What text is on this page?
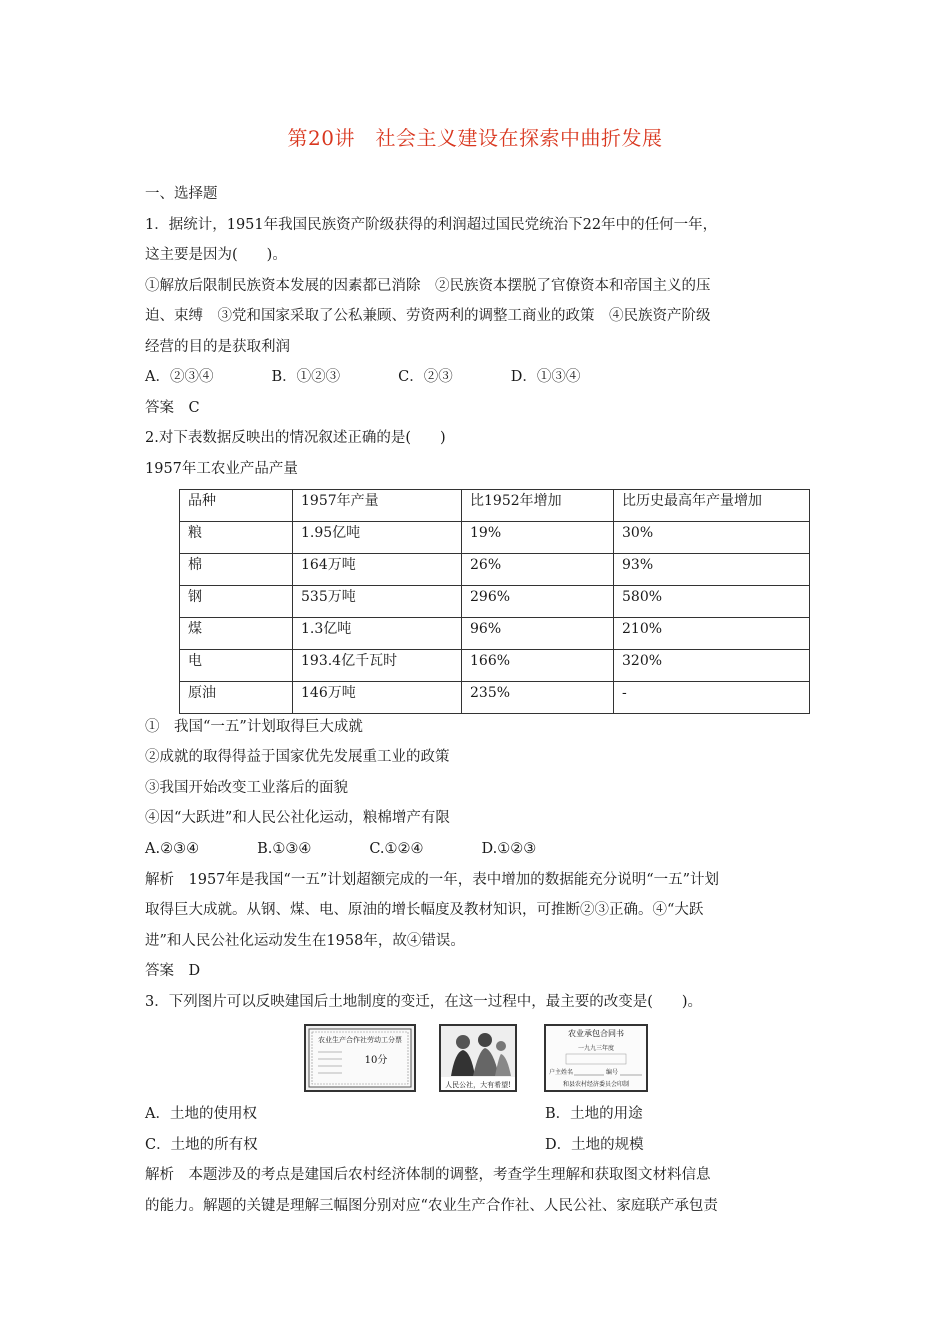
第20讲　社会主义建设在探索中曲折发展
一、选择题
1．据统计，1951年我国民族资产阶级获得的利润超过国民党统治下22年中的任何一年，
这主要是因为(　　)。
①解放后限制民族资本发展的因素都已消除　②民族资本摆脱了官僚资本和帝国主义的压
迫、束缚　③党和国家采取了公私兼顾、劳资两利的调整工商业的政策　④民族资产阶级
经营的目的是获取利润
A．②③④　　　　B．①②③　　　　C．②③　　　　D．①③④
答案　C
2.对下表数据反映出的情况叙述正确的是(　　)
1957年工农业产品产量
品种	1957年产量	比1952年增加	比历史最高年产量增加
粮	1.95亿吨	19%	30%
棉	164万吨	26%	93%
钢	535万吨	296%	580%
煤	1.3亿吨	96%	210%
电	193.4亿千瓦时	166%	320%
原油	146万吨	235%	-
①　我国“一五”计划取得巨大成就
②成就的取得得益于国家优先发展重工业的政策
③我国开始改变工业落后的面貌
④因“大跃进”和人民公社化运动，粮棉增产有限
A.②③④　　　　B.①③④　　　　C.①②④　　　　D.①②③
解析　1957年是我国“一五”计划超额完成的一年，表中增加的数据能充分说明“一五”计划
取得巨大成就。从钢、煤、电、原油的增长幅度及教材知识，可推断②③正确。④“大跃
进”和人民公社化运动发生在1958年，故④错误。
答案　D
3．下列图片可以反映建国后土地制度的变迁，在这一过程中，最主要的改变是(　　)。
农业生产合作社劳动工分票
10分
人民公社，大有希望!
农业承包合同书
一九九三年度
户主姓名	编号
和县农村经济委员会印制
A．土地的使用权	B．土地的用途
C．土地的所有权	D．土地的规模
解析　本题涉及的考点是建国后农村经济体制的调整，考查学生理解和获取图文材料信息
的能力。解题的关键是理解三幅图分别对应“农业生产合作社、人民公社、家庭联产承包责
